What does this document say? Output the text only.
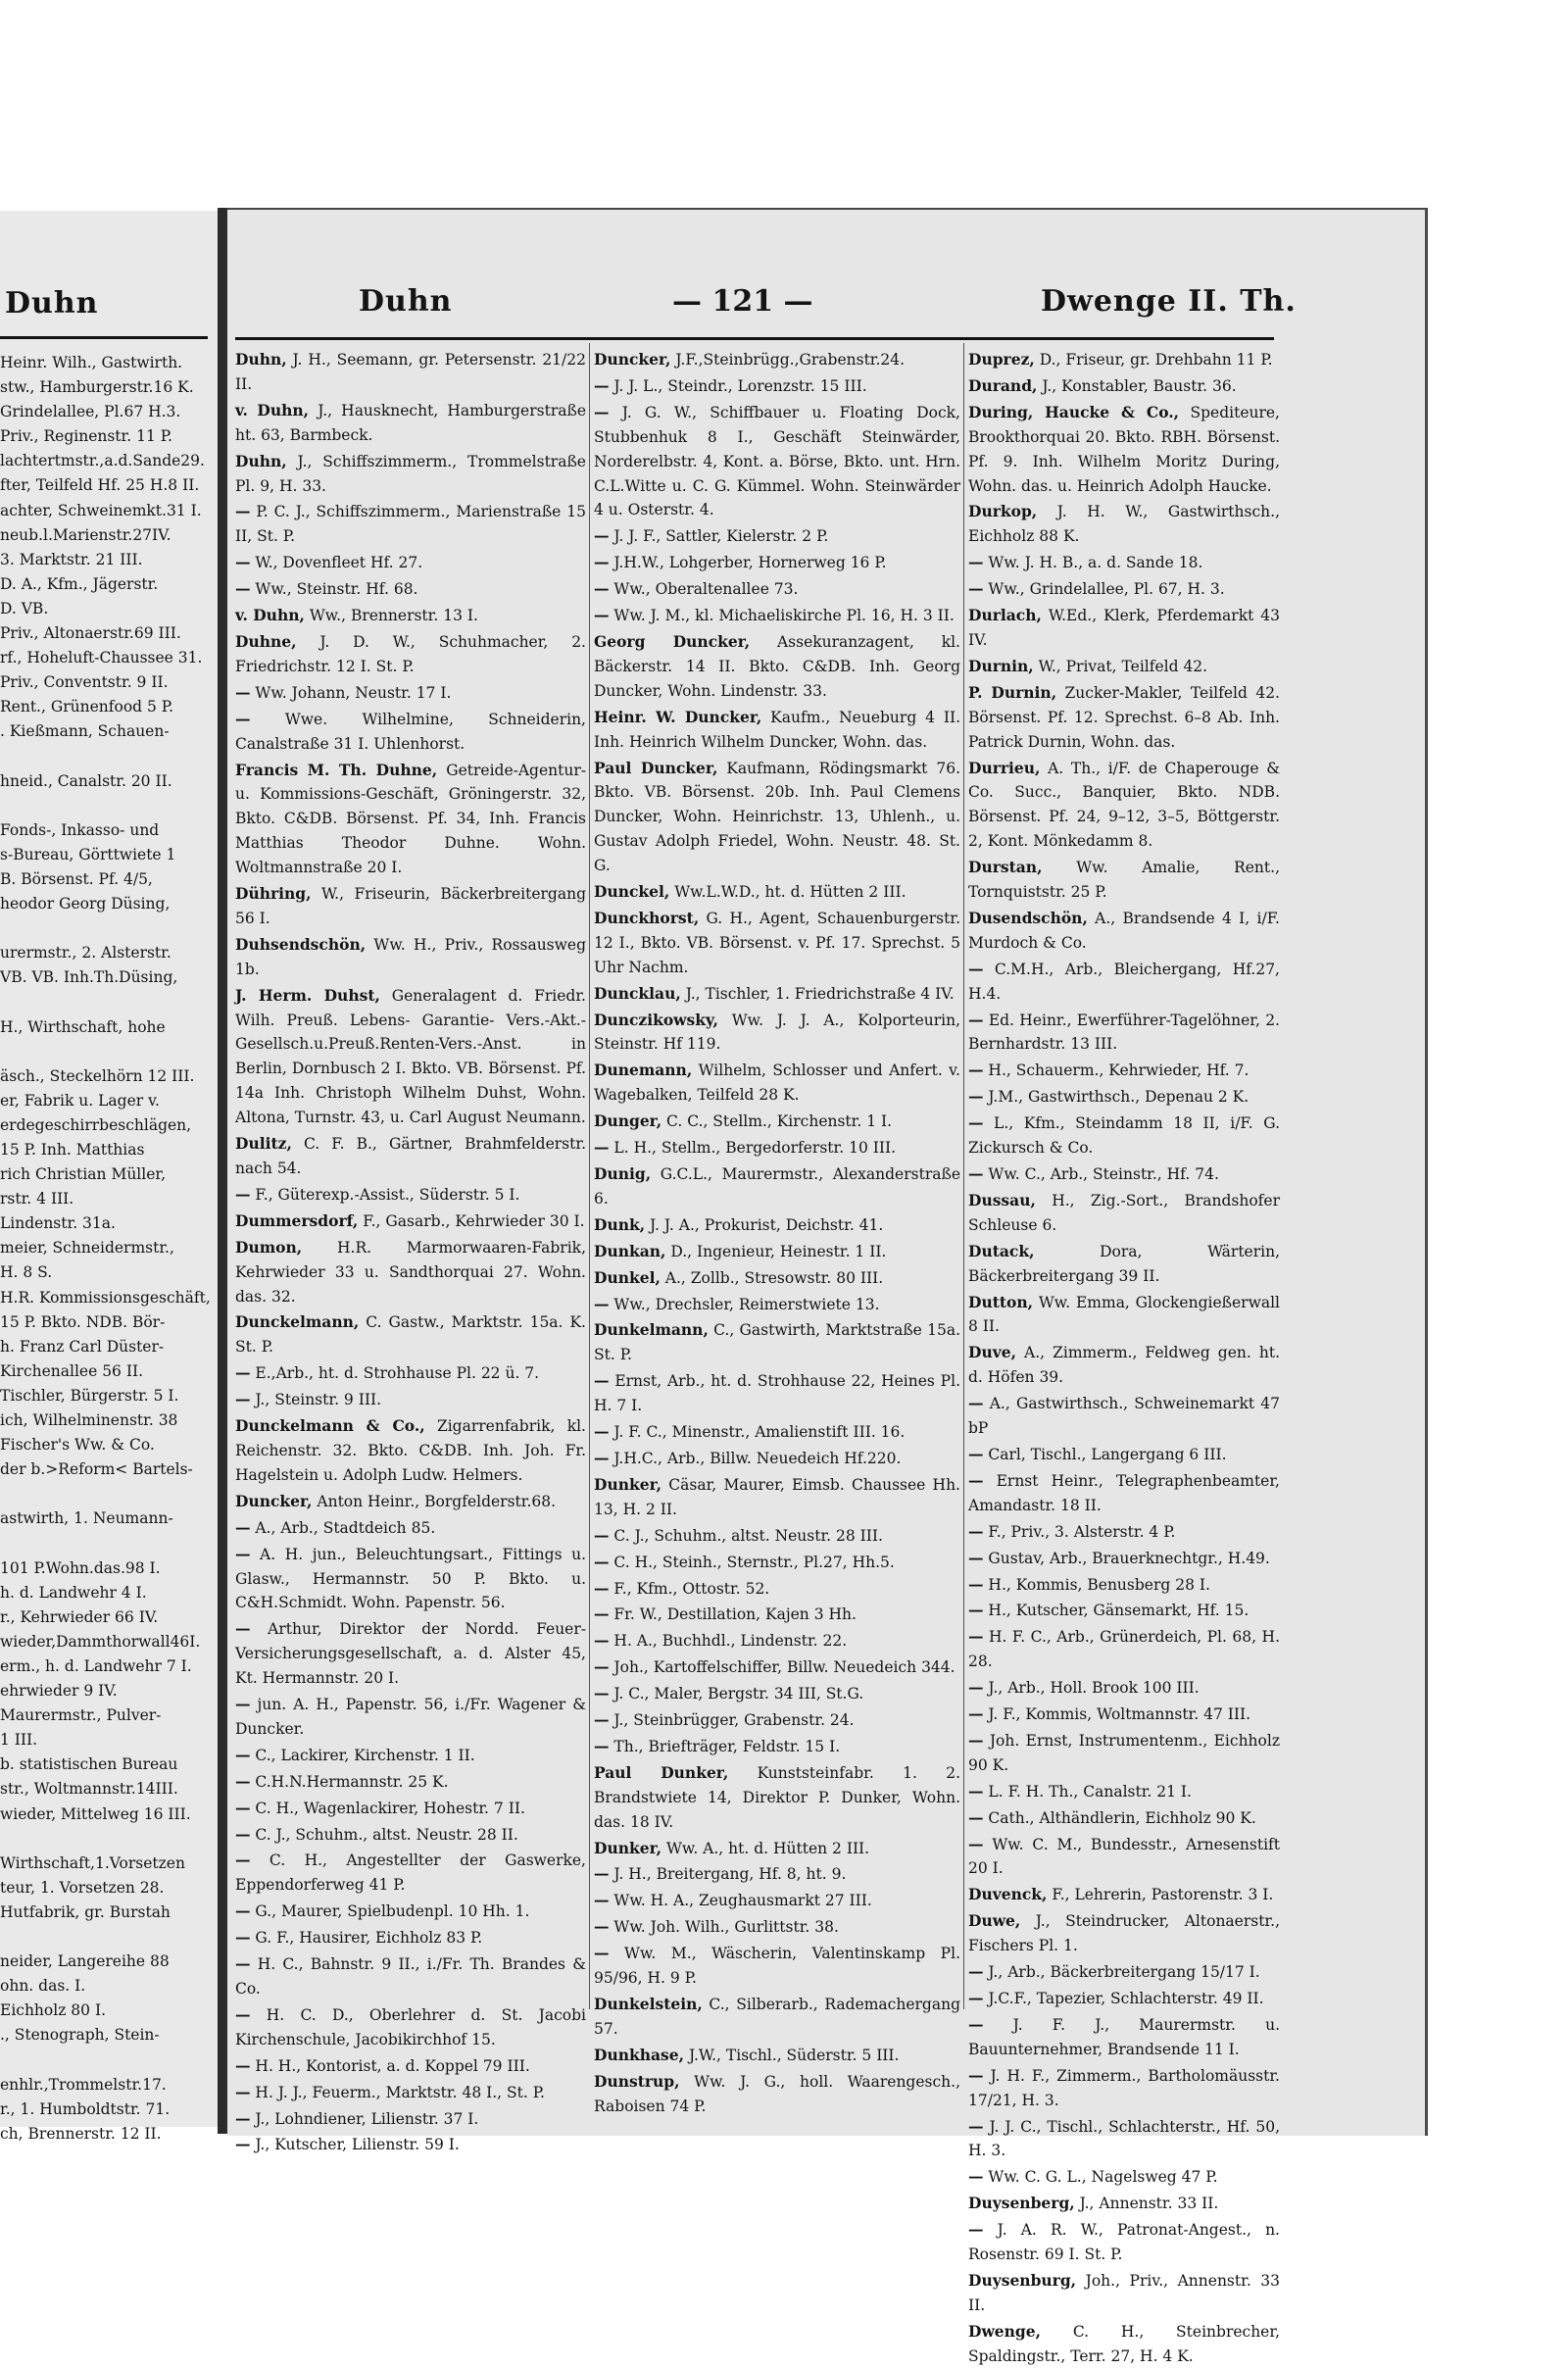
Duhn
Heinr. Wilh., Gastwirth.
stw., Hamburgerstr.16 K.
Grindelallee, Pl.67 H.3.
Priv., Reginenstr. 11 P.
lachtertmstr.,a.d.Sande29.
fter, Teilfeld Hf. 25 H.8 II.
achter, Schweinemkt.31 I.
neub.l.Marienstr.27IV.
3. Marktstr. 21 III.
D. A., Kfm., Jägerstr.
D. VB.
Priv., Altonaerstr.69 III.
rf., Hoheluft-Chaussee 31.
Priv., Conventstr. 9 II.
Rent., Grünenfood 5 P.
. Kießmann, Schauen-

hneid., Canalstr. 20 II.

Fonds-, Inkasso- und
s-Bureau, Görttwiete 1
B. Börsenst. Pf. 4/5,
heodor Georg Düsing,

urermstr., 2. Alsterstr.
VB. VB. Inh.Th.Düsing,

H., Wirthschaft, hohe

äsch., Steckelhörn 12 III.
er, Fabrik u. Lager v.
erdegeschirrbeschlägen,
15 P. Inh. Matthias
rich Christian Müller,
rstr. 4 III.
Lindenstr. 31a.
meier, Schneidermstr.,
H. 8 S.
H.R. Kommissionsgeschäft,
15 P. Bkto. NDB. Bör-
h. Franz Carl Düster-
Kirchenallee 56 II.
Tischler, Bürgerstr. 5 I.
ich, Wilhelminenstr. 38
Fischer's Ww. & Co.
der b.>Reform< Bartels-

astwirth, 1. Neumann-

101 P.Wohn.das.98 I.
h. d. Landwehr 4 I.
r., Kehrwieder 66 IV.
wieder,Dammthorwall46I.
erm., h. d. Landwehr 7 I.
ehrwieder 9 IV.
Maurermstr., Pulver-
1 III.
b. statistischen Bureau
str., Woltmannstr.14III.
wieder, Mittelweg 16 III.

Wirthschaft,1.Vorsetzen
teur, 1. Vorsetzen 28.
Hutfabrik, gr. Burstah

neider, Langereihe 88
ohn. das. I.
Eichholz 80 I.
., Stenograph, Stein-

enhlr.,Trommelstr.17.
r., 1. Humboldtstr. 71.
ch, Brennerstr. 12 II.
Duhn	— 121 —	Dwenge II. Th.
Duhn, J. H., Seemann, gr. Petersenstr. 21/22 II.
v. Duhn, J., Hausknecht, Hamburgerstraße ht. 63, Barmbeck.
Duhn, J., Schiffszimmerm., Trommelstraße Pl. 9, H. 33.
— P. C. J., Schiffszimmerm., Marienstraße 15 II, St. P.
— W., Dovenfleet Hf. 27.
— Ww., Steinstr. Hf. 68.
v. Duhn, Ww., Brennerstr. 13 I.
Duhne, J. D. W., Schuhmacher, 2. Friedrichstr. 12 I. St. P.
— Ww. Johann, Neustr. 17 I.
— Wwe. Wilhelmine, Schneiderin, Canalstraße 31 I. Uhlenhorst.
Francis M. Th. Duhne, Getreide-Agentur- u. Kommissions-Geschäft, Gröningerstr. 32, Bkto. C&DB. Börsenst. Pf. 34, Inh. Francis Matthias Theodor Duhne. Wohn. Woltmannstraße 20 I.
Dühring, W., Friseurin, Bäckerbreitergang 56 I.
Duhsendschön, Ww. H., Priv., Rossausweg 1b.
J. Herm. Duhst, Generalagent d. Friedr. Wilh. Preuß. Lebens- Garantie- Vers.-Akt.-Gesellsch.u.Preuß.Renten-Vers.-Anst. in Berlin, Dornbusch 2 I. Bkto. VB. Börsenst. Pf. 14a Inh. Christoph Wilhelm Duhst, Wohn. Altona, Turnstr. 43, u. Carl August Neumann.
Dulitz, C. F. B., Gärtner, Brahmfelderstr. nach 54.
— F., Güterexp.-Assist., Süderstr. 5 I.
Dummersdorf, F., Gasarb., Kehrwieder 30 I.
Dumon, H.R. Marmorwaaren-Fabrik, Kehrwieder 33 u. Sandthorquai 27. Wohn. das. 32.
Dunckelmann, C. Gastw., Marktstr. 15a. K. St. P.
— E.,Arb., ht. d. Strohhause Pl. 22 ü. 7.
— J., Steinstr. 9 III.
Dunckelmann & Co., Zigarrenfabrik, kl. Reichenstr. 32. Bkto. C&DB. Inh. Joh. Fr. Hagelstein u. Adolph Ludw. Helmers.
Duncker, Anton Heinr., Borgfelderstr.68.
— A., Arb., Stadtdeich 85.
— A. H. jun., Beleuchtungsart., Fittings u. Glasw., Hermannstr. 50 P. Bkto. u. C&H.Schmidt. Wohn. Papenstr. 56.
— Arthur, Direktor der Nordd. Feuer-Versicherungsgesellschaft, a. d. Alster 45, Kt. Hermannstr. 20 I.
— jun. A. H., Papenstr. 56, i./Fr. Wagener & Duncker.
— C., Lackirer, Kirchenstr. 1 II.
— C.H.N.Hermannstr. 25 K.
— C. H., Wagenlackirer, Hohestr. 7 II.
— C. J., Schuhm., altst. Neustr. 28 II.
— C. H., Angestellter der Gaswerke, Eppendorferweg 41 P.
— G., Maurer, Spielbudenpl. 10 Hh. 1.
— G. F., Hausirer, Eichholz 83 P.
— H. C., Bahnstr. 9 II., i./Fr. Th. Brandes & Co.
— H. C. D., Oberlehrer d. St. Jacobi Kirchenschule, Jacobikirchhof 15.
— H. H., Kontorist, a. d. Koppel 79 III.
— H. J. J., Feuerm., Marktstr. 48 I., St. P.
— J., Lohndiener, Lilienstr. 37 I.
— J., Kutscher, Lilienstr. 59 I.
Duncker, J.F.,Steinbrügg.,Grabenstr.24.
— J. J. L., Steindr., Lorenzstr. 15 III.
— J. G. W., Schiffbauer u. Floating Dock, Stubbenhuk 8 I., Geschäft Steinwärder, Norderelbstr. 4, Kont. a. Börse, Bkto. unt. Hrn. C.L.Witte u. C. G. Kümmel. Wohn. Steinwärder 4 u. Osterstr. 4.
— J. J. F., Sattler, Kielerstr. 2 P.
— J.H.W., Lohgerber, Hornerweg 16 P.
— Ww., Oberaltenallee 73.
— Ww. J. M., kl. Michaeliskirche Pl. 16, H. 3 II.
Georg Duncker, Assekuranzagent, kl. Bäckerstr. 14 II. Bkto. C&DB. Inh. Georg Duncker, Wohn. Lindenstr. 33.
Heinr. W. Duncker, Kaufm., Neueburg 4 II. Inh. Heinrich Wilhelm Duncker, Wohn. das.
Paul Duncker, Kaufmann, Rödingsmarkt 76. Bkto. VB. Börsenst. 20b. Inh. Paul Clemens Duncker, Wohn. Heinrichstr. 13, Uhlenh., u. Gustav Adolph Friedel, Wohn. Neustr. 48. St. G.
Dunckel, Ww.L.W.D., ht. d. Hütten 2 III.
Dunckhorst, G. H., Agent, Schauenburgerstr. 12 I., Bkto. VB. Börsenst. v. Pf. 17. Sprechst. 5 Uhr Nachm.
Duncklau, J., Tischler, 1. Friedrichstraße 4 IV.
Dunczikowsky, Ww. J. J. A., Kolporteurin, Steinstr. Hf 119.
Dunemann, Wilhelm, Schlosser und Anfert. v. Wagebalken, Teilfeld 28 K.
Dunger, C. C., Stellm., Kirchenstr. 1 I.
— L. H., Stellm., Bergedorferstr. 10 III.
Dunig, G.C.L., Maurermstr., Alexanderstraße 6.
Dunk, J. J. A., Prokurist, Deichstr. 41.
Dunkan, D., Ingenieur, Heinestr. 1 II.
Dunkel, A., Zollb., Stresowstr. 80 III.
— Ww., Drechsler, Reimerstwiete 13.
Dunkelmann, C., Gastwirth, Marktstraße 15a. St. P.
— Ernst, Arb., ht. d. Strohhause 22, Heines Pl. H. 7 I.
— J. F. C., Minenstr., Amalienstift III. 16.
— J.H.C., Arb., Billw. Neuedeich Hf.220.
Dunker, Cäsar, Maurer, Eimsb. Chaussee Hh. 13, H. 2 II.
— C. J., Schuhm., altst. Neustr. 28 III.
— C. H., Steinh., Sternstr., Pl.27, Hh.5.
— F., Kfm., Ottostr. 52.
— Fr. W., Destillation, Kajen 3 Hh.
— H. A., Buchhdl., Lindenstr. 22.
— Joh., Kartoffelschiffer, Billw. Neuedeich 344.
— J. C., Maler, Bergstr. 34 III, St.G.
— J., Steinbrügger, Grabenstr. 24.
— Th., Briefträger, Feldstr. 15 I.
Paul Dunker, Kunststeinfabr. 1. 2. Brandstwiete 14, Direktor P. Dunker, Wohn. das. 18 IV.
Dunker, Ww. A., ht. d. Hütten 2 III.
— J. H., Breitergang, Hf. 8, ht. 9.
— Ww. H. A., Zeughausmarkt 27 III.
— Ww. Joh. Wilh., Gurlittstr. 38.
— Ww. M., Wäscherin, Valentinskamp Pl. 95/96, H. 9 P.
Dunkelstein, C., Silberarb., Rademachergang 57.
Dunkhase, J.W., Tischl., Süderstr. 5 III.
Dunstrup, Ww. J. G., holl. Waarengesch., Raboisen 74 P.
Duprez, D., Friseur, gr. Drehbahn 11 P.
Durand, J., Konstabler, Baustr. 36.
During, Haucke & Co., Spediteure, Brookthorquai 20. Bkto. RBH. Börsenst. Pf. 9. Inh. Wilhelm Moritz During, Wohn. das. u. Heinrich Adolph Haucke.
Durkop, J. H. W., Gastwirthsch., Eichholz 88 K.
— Ww. J. H. B., a. d. Sande 18.
— Ww., Grindelallee, Pl. 67, H. 3.
Durlach, W.Ed., Klerk, Pferdemarkt 43 IV.
Durnin, W., Privat, Teilfeld 42.
P. Durnin, Zucker-Makler, Teilfeld 42. Börsenst. Pf. 12. Sprechst. 6–8 Ab. Inh. Patrick Durnin, Wohn. das.
Durrieu, A. Th., i/F. de Chaperouge & Co. Succ., Banquier, Bkto. NDB. Börsenst. Pf. 24, 9–12, 3–5, Böttgerstr. 2, Kont. Mönkedamm 8.
Durstan, Ww. Amalie, Rent., Tornquiststr. 25 P.
Dusendschön, A., Brandsende 4 I, i/F. Murdoch & Co.
— C.M.H., Arb., Bleichergang, Hf.27, H.4.
— Ed. Heinr., Ewerführer-Tagelöhner, 2. Bernhardstr. 13 III.
— H., Schauerm., Kehrwieder, Hf. 7.
— J.M., Gastwirthsch., Depenau 2 K.
— L., Kfm., Steindamm 18 II, i/F. G. Zickursch & Co.
— Ww. C., Arb., Steinstr., Hf. 74.
Dussau, H., Zig.-Sort., Brandshofer Schleuse 6.
Dutack, Dora, Wärterin, Bäckerbreitergang 39 II.
Dutton, Ww. Emma, Glockengießerwall 8 II.
Duve, A., Zimmerm., Feldweg gen. ht. d. Höfen 39.
— A., Gastwirthsch., Schweinemarkt 47 bP
— Carl, Tischl., Langergang 6 III.
— Ernst Heinr., Telegraphenbeamter, Amandastr. 18 II.
— F., Priv., 3. Alsterstr. 4 P.
— Gustav, Arb., Brauerknechtgr., H.49.
— H., Kommis, Benusberg 28 I.
— H., Kutscher, Gänsemarkt, Hf. 15.
— H. F. C., Arb., Grünerdeich, Pl. 68, H. 28.
— J., Arb., Holl. Brook 100 III.
— J. F., Kommis, Woltmannstr. 47 III.
— Joh. Ernst, Instrumentenm., Eichholz 90 K.
— L. F. H. Th., Canalstr. 21 I.
— Cath., Althändlerin, Eichholz 90 K.
— Ww. C. M., Bundesstr., Arnesenstift 20 I.
Duvenck, F., Lehrerin, Pastorenstr. 3 I.
Duwe, J., Steindrucker, Altonaerstr., Fischers Pl. 1.
— J., Arb., Bäckerbreitergang 15/17 I.
— J.C.F., Tapezier, Schlachterstr. 49 II.
— J. F. J., Maurermstr. u. Bauunternehmer, Brandsende 11 I.
— J. H. F., Zimmerm., Bartholomäusstr. 17/21, H. 3.
— J. J. C., Tischl., Schlachterstr., Hf. 50, H. 3.
— Ww. C. G. L., Nagelsweg 47 P.
Duysenberg, J., Annenstr. 33 II.
— J. A. R. W., Patronat-Angest., n. Rosenstr. 69 I. St. P.
Duysenburg, Joh., Priv., Annenstr. 33 II.
Dwenge, C. H., Steinbrecher, Spaldingstr., Terr. 27, H. 4 K.
